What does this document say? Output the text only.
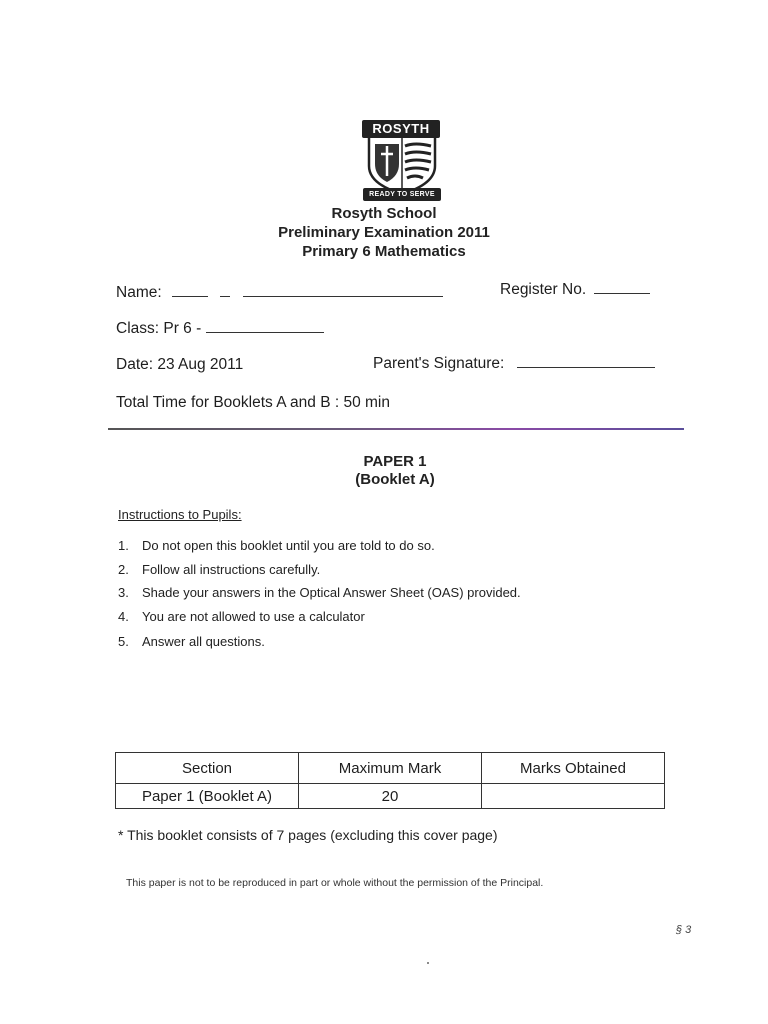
ROSYTH
READY TO SERVE
Rosyth School
Preliminary Examination 2011
Primary 6 Mathematics
Name:	Register No.
Class: Pr 6 -
Date: 23 Aug 2011	Parent's Signature:
Total Time for Booklets A and B : 50 min
PAPER 1
(Booklet A)
Instructions to Pupils:
1. Do not open this booklet until you are told to do so.
2. Follow all instructions carefully.
3. Shade your answers in the Optical Answer Sheet (OAS) provided.
4. You are not allowed to use a calculator
5. Answer all questions.
Section	Maximum Mark	Marks Obtained
Paper 1 (Booklet A)	20	
* This booklet consists of 7 pages (excluding this cover page)
This paper is not to be reproduced in part or whole without the permission of the Principal.
§ 3
